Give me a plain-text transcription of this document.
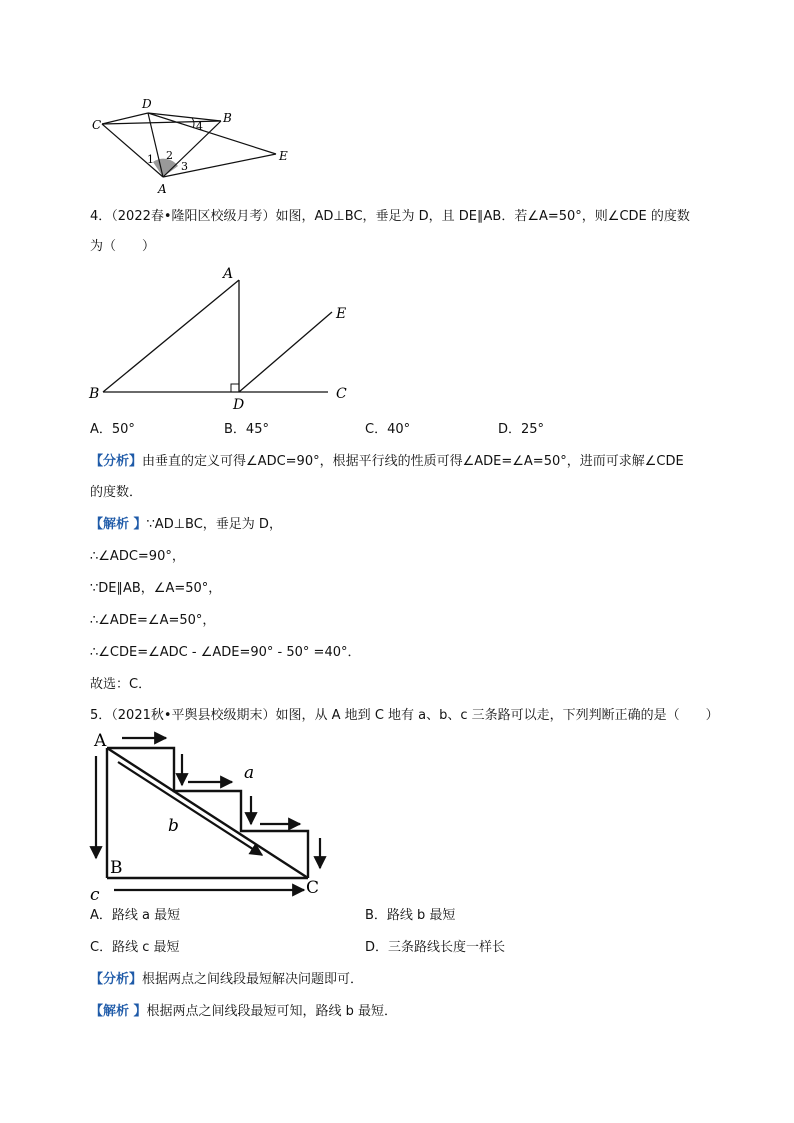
C
D
B
E
A
1 2
3
4
4．（2022春•隆阳区校级月考）如图，AD⊥BC，垂足为 D，且 DE∥AB．若∠A=50°，则∠CDE 的度数
为（　　）
A
E
B
D
C
A．50°	B．45°	C．40°	D．25°
【分析】由垂直的定义可得∠ADC=90°，根据平行线的性质可得∠ADE=∠A=50°，进而可求解∠CDE
的度数．
【解析 】∵AD⊥BC，垂足为 D，
∴∠ADC=90°，
∵DE∥AB，∠A=50°，
∴∠ADE=∠A=50°，
∴∠CDE=∠ADC - ∠ADE=90° - 50° =40°．
故选：C．
5．（2021秋•平舆县校级期末）如图，从 A 地到 C 地有 a、b、c 三条路可以走，下列判断正确的是（　　）
A
B
C
a
b
c
A．路线 a 最短	B．路线 b 最短
C．路线 c 最短	D．三条路线长度一样长
【分析】根据两点之间线段最短解决问题即可．
【解析 】根据两点之间线段最短可知，路线 b 最短．
